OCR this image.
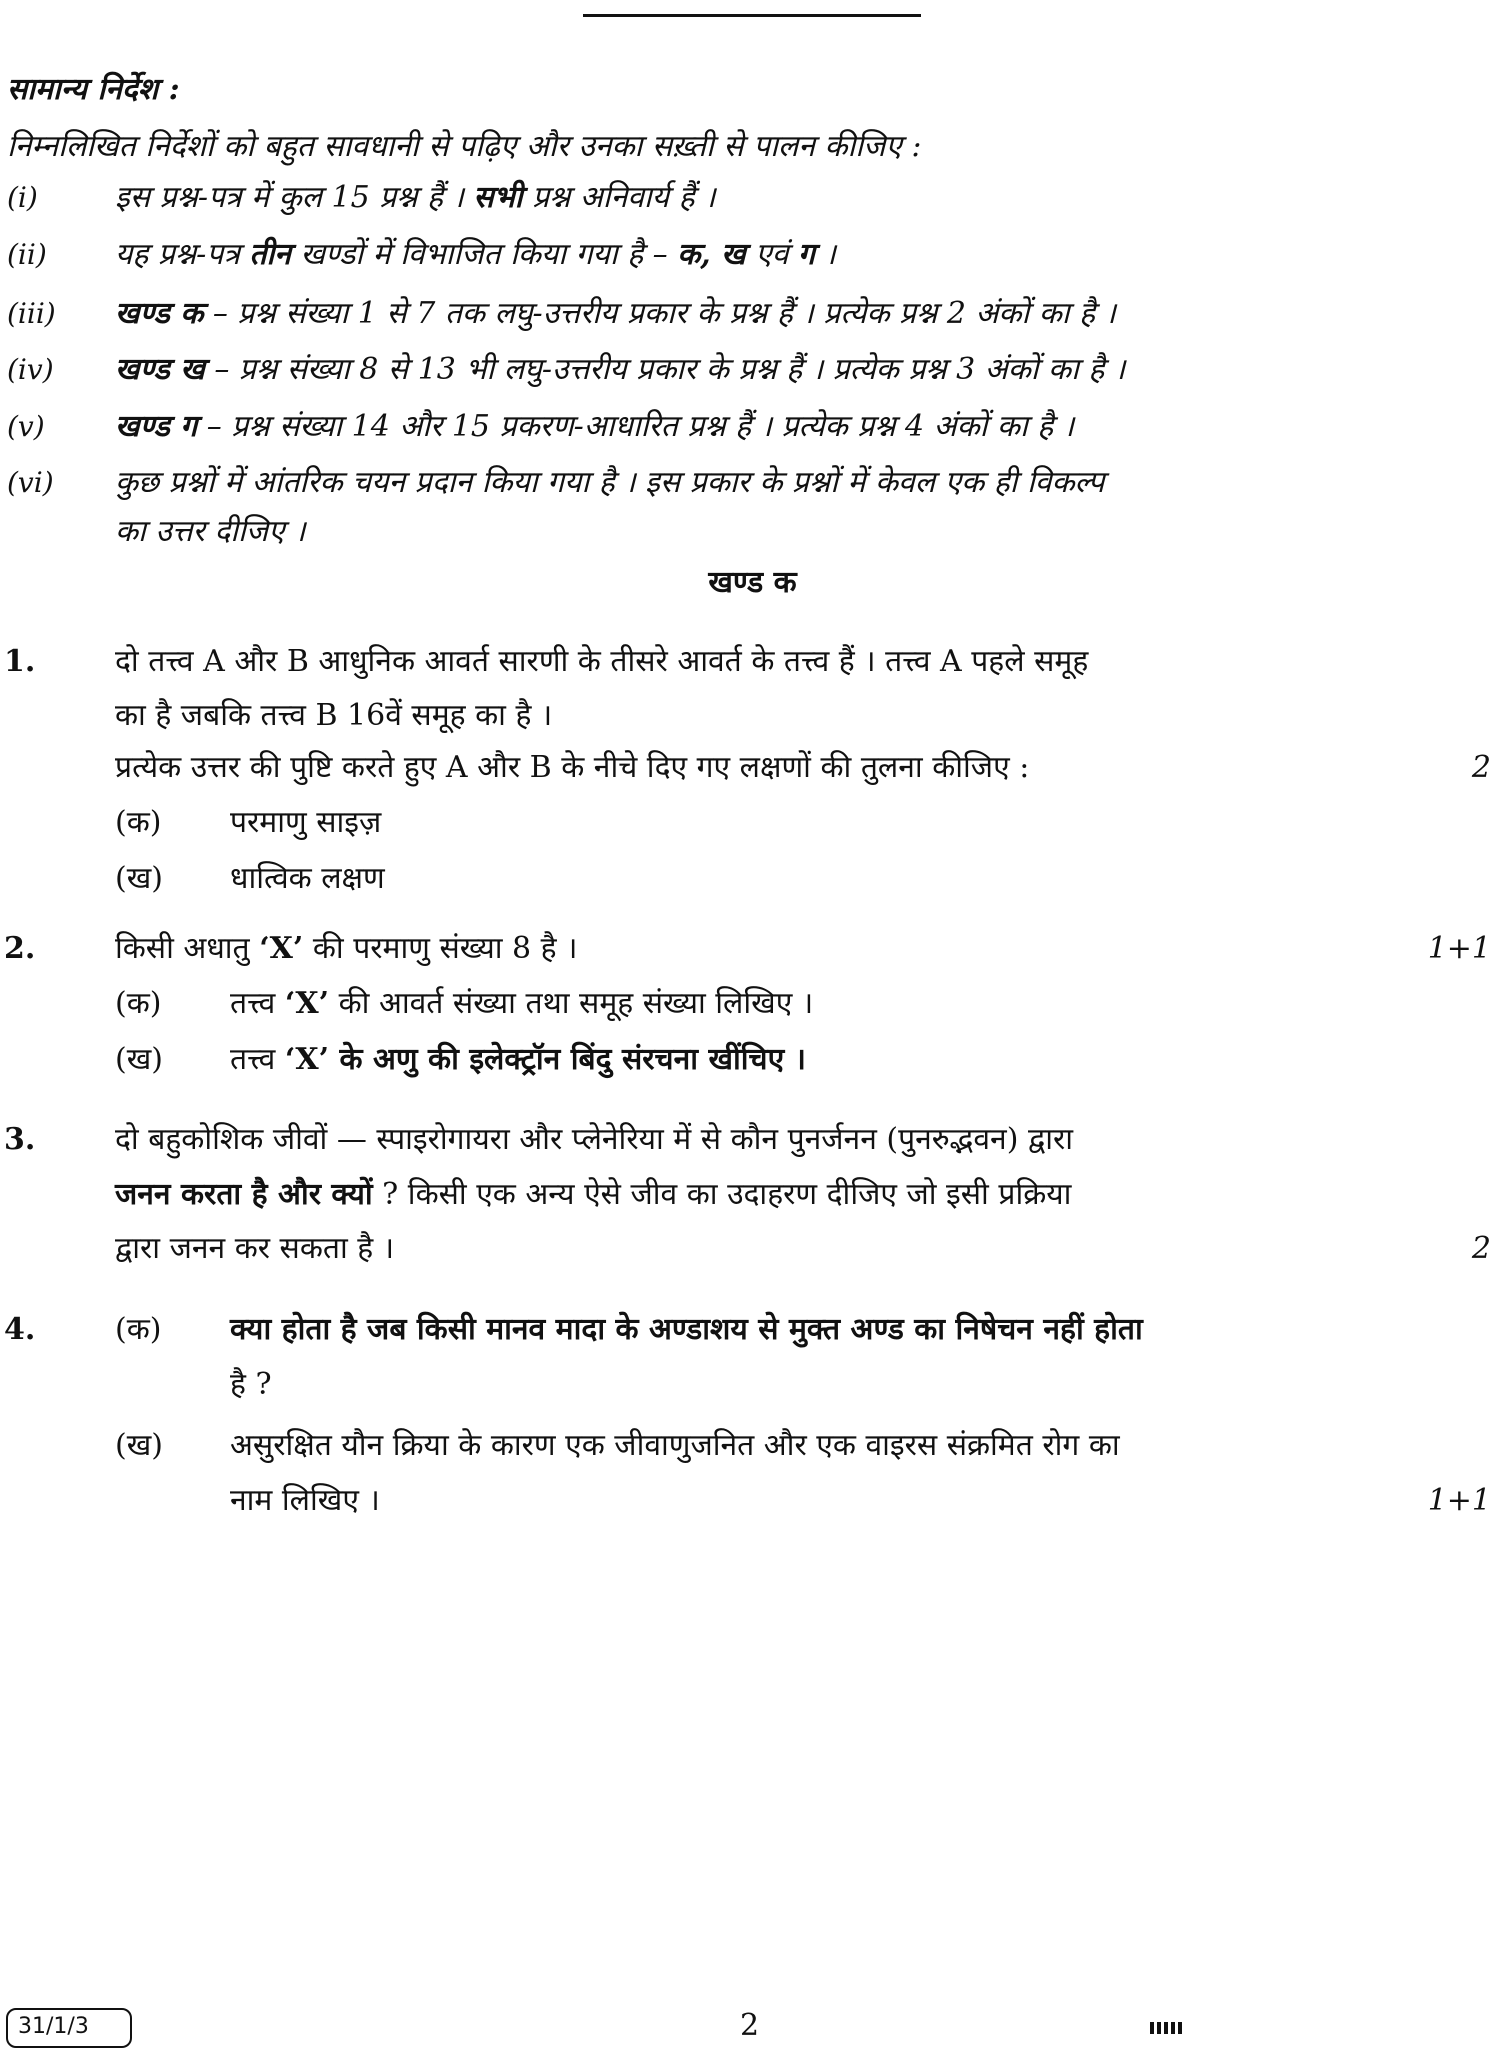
सामान्य निर्देश :
निम्नलिखित निर्देशों को बहुत सावधानी से पढ़िए और उनका सख़्ती से पालन कीजिए :
(i)	इस प्रश्न-पत्र में कुल 15 प्रश्न हैं । सभी प्रश्न अनिवार्य हैं ।
(ii) यह प्रश्न-पत्र तीन खण्डों में विभाजित किया गया है – क, ख एवं ग ।
(iii) खण्ड क – प्रश्न संख्या 1 से 7 तक लघु-उत्तरीय प्रकार के प्रश्न हैं । प्रत्येक प्रश्न 2 अंकों का है ।
(iv) खण्ड ख – प्रश्न संख्या 8 से 13 भी लघु-उत्तरीय प्रकार के प्रश्न हैं । प्रत्येक प्रश्न 3 अंकों का है ।
(v) खण्ड ग – प्रश्न संख्या 14 और 15 प्रकरण-आधारित प्रश्न हैं । प्रत्येक प्रश्न 4 अंकों का है ।
(vi) कुछ प्रश्नों में आंतरिक चयन प्रदान किया गया है । इस प्रकार के प्रश्नों में केवल एक ही विकल्प
का उत्तर दीजिए ।
खण्ड क
1.	दो तत्त्व A और B आधुनिक आवर्त सारणी के तीसरे आवर्त के तत्त्व हैं । तत्त्व A पहले समूह
का है जबकि तत्त्व B 16वें समूह का है ।
प्रत्येक उत्तर की पुष्टि करते हुए A और B के नीचे दिए गए लक्षणों की तुलना कीजिए :	2
(क) परमाणु साइज़
(ख) धात्विक लक्षण
2.	किसी अधातु ‘X’ की परमाणु संख्या 8 है ।	1+1
(क) तत्त्व ‘X’ की आवर्त संख्या तथा समूह संख्या लिखिए ।
(ख) तत्त्व ‘X’ के अणु की इलेक्ट्रॉन बिंदु संरचना खींचिए ।
3.	दो बहुकोशिक जीवों — स्पाइरोगायरा और प्लेनेरिया में से कौन पुनर्जनन (पुनरुद्भवन) द्वारा
जनन करता है और क्यों ? किसी एक अन्य ऐसे जीव का उदाहरण दीजिए जो इसी प्रक्रिया
द्वारा जनन कर सकता है ।	2
4.	(क) क्या होता है जब किसी मानव मादा के अण्डाशय से मुक्त अण्ड का निषेचन नहीं होता
है ?
(ख) असुरक्षित यौन क्रिया के कारण एक जीवाणुजनित और एक वाइरस संक्रमित रोग का
नाम लिखिए ।	1+1
31/1/3	2
